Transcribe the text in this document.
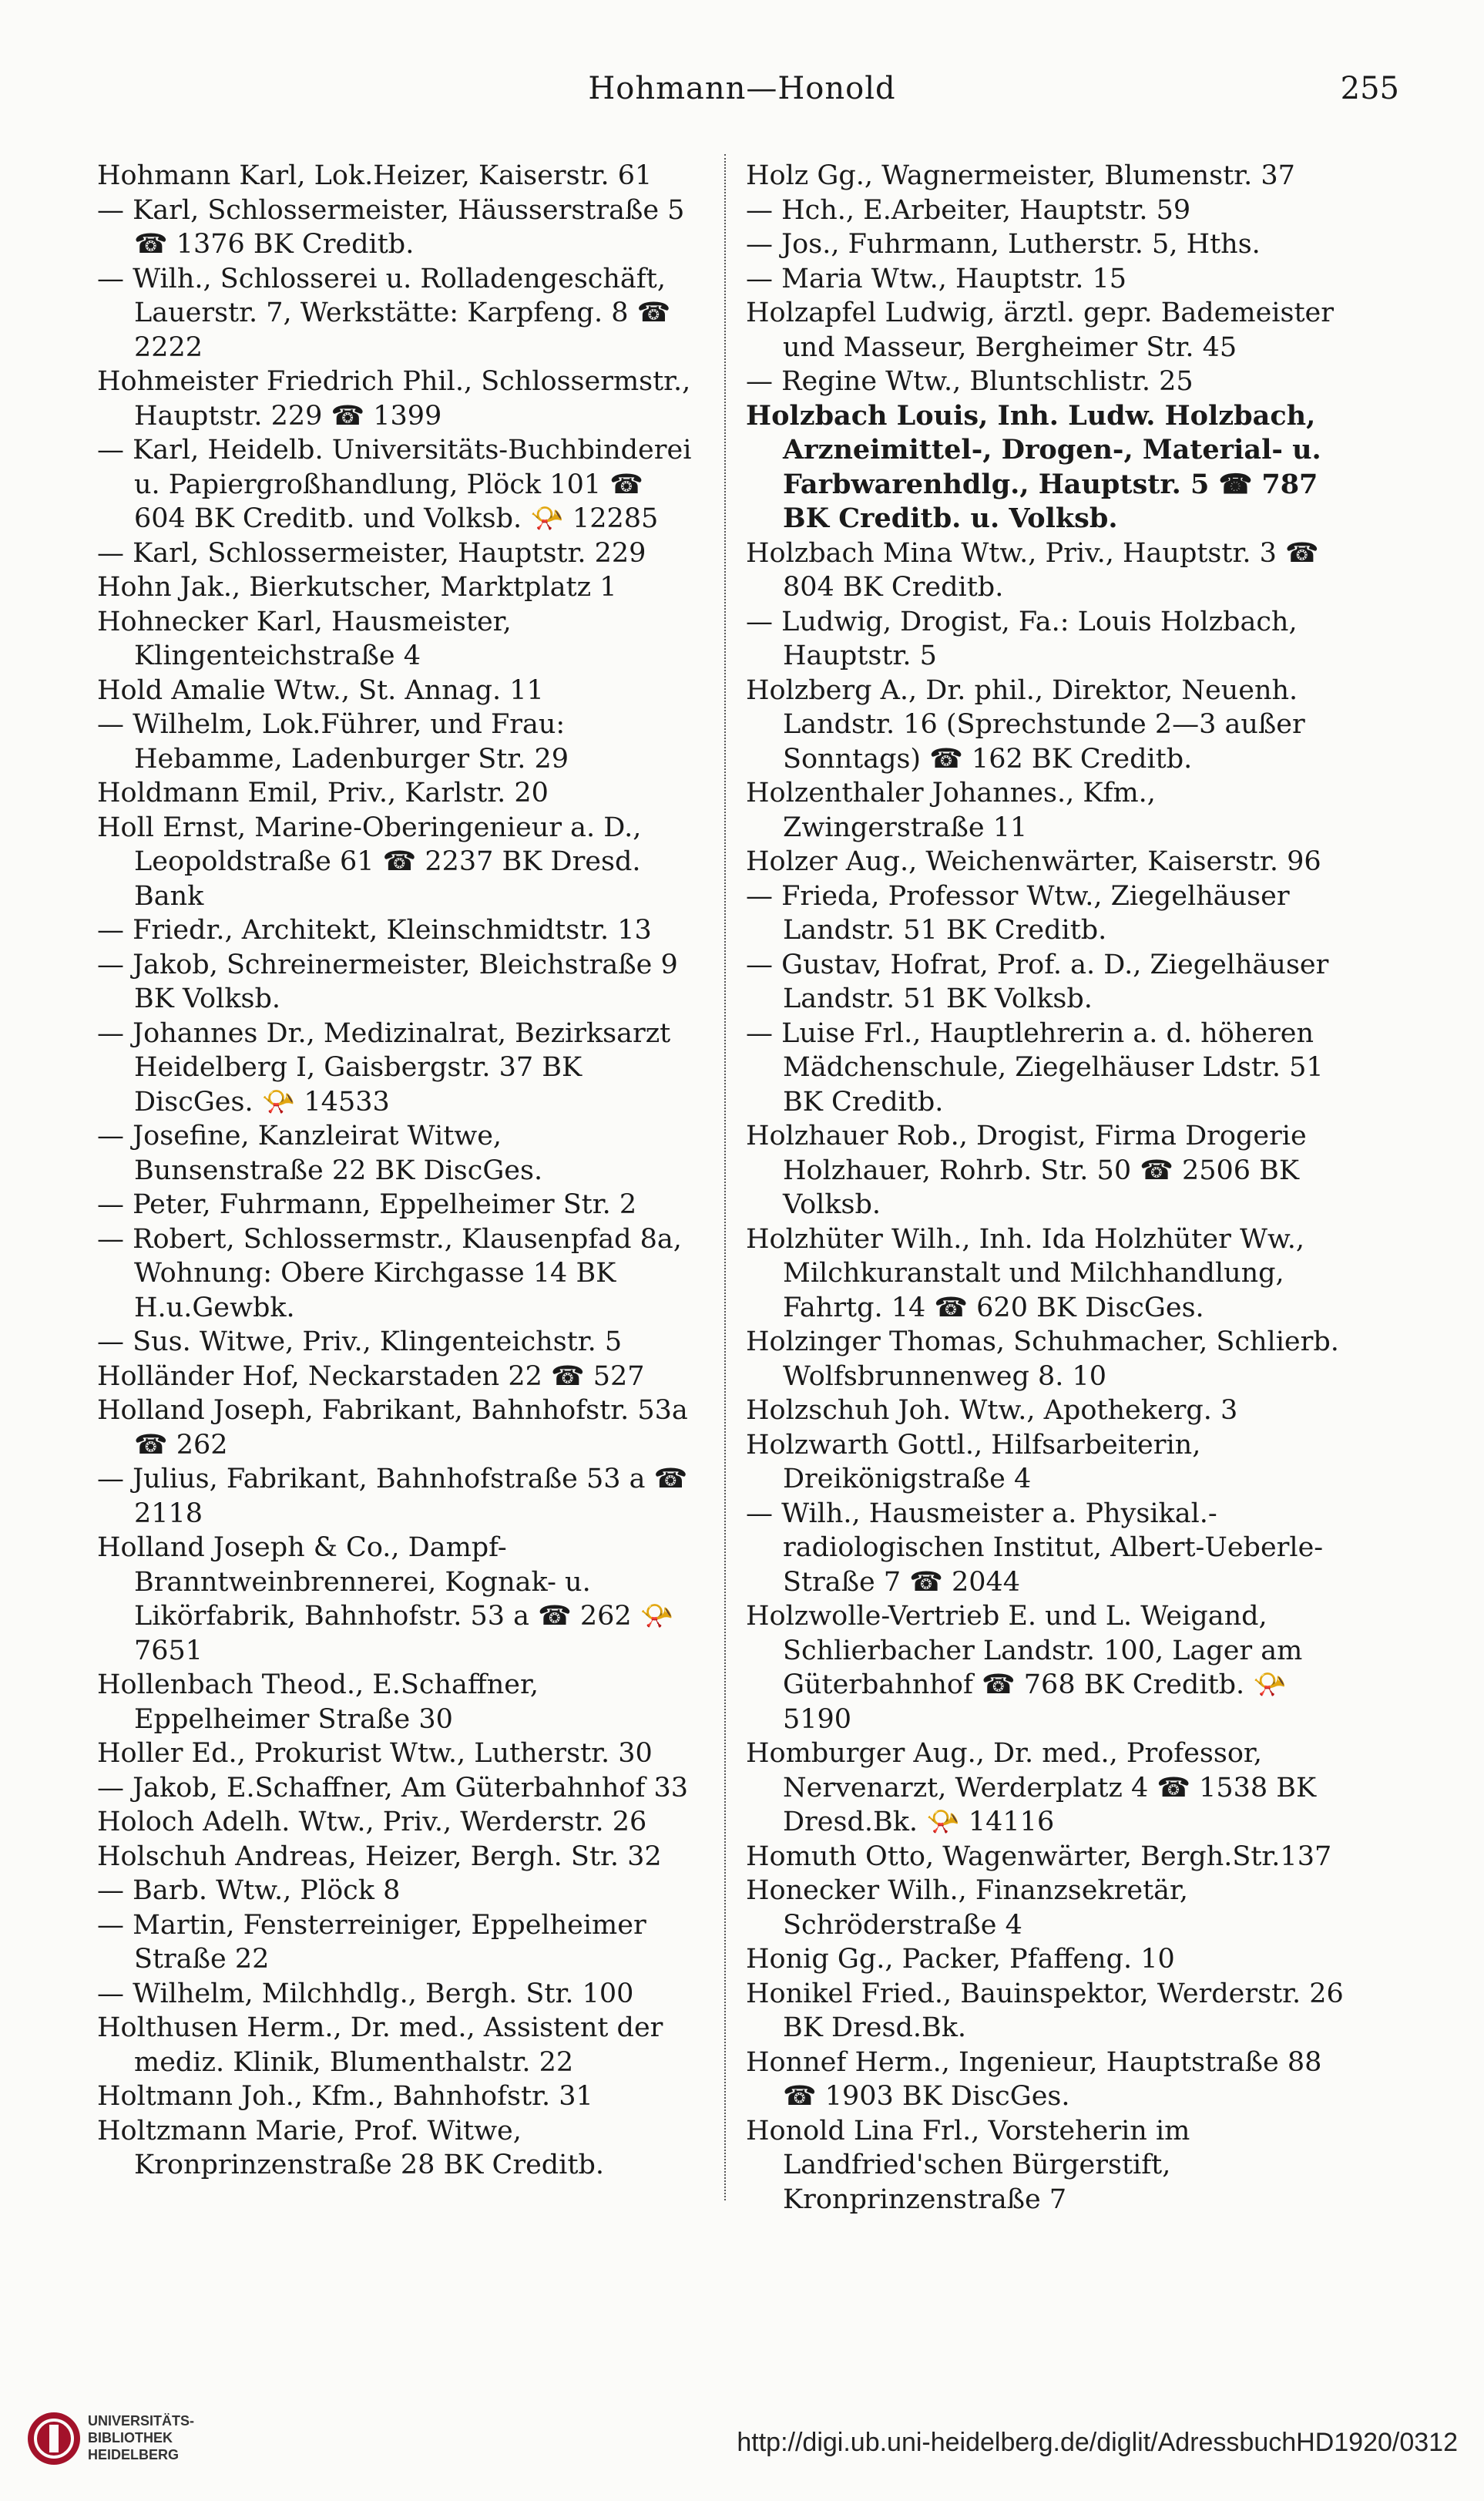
Hohmann—Honold	255

Hohmann Karl, Lok.Heizer, Kaiserstr. 61

— Karl, Schlossermeister, Häusserstraße 5 ☎ 1376 BK Creditb.

— Wilh., Schlosserei u. Rolladengeschäft, Lauerstr. 7, Werkstätte: Karpfeng. 8 ☎ 2222

Hohmeister Friedrich Phil., Schlossermstr., Hauptstr. 229 ☎ 1399

— Karl, Heidelb. Universitäts-Buchbinderei u. Papiergroßhandlung, Plöck 101 ☎ 604 BK Creditb. und Volksb. 📯 12285

— Karl, Schlossermeister, Hauptstr. 229

Hohn Jak., Bierkutscher, Marktplatz 1

Hohnecker Karl, Hausmeister, Klingenteichstraße 4

Hold Amalie Wtw., St. Annag. 11

— Wilhelm, Lok.Führer, und Frau: Hebamme, Ladenburger Str. 29

Holdmann Emil, Priv., Karlstr. 20

Holl Ernst, Marine-Oberingenieur a. D., Leopoldstraße 61 ☎ 2237 BK Dresd. Bank

— Friedr., Architekt, Kleinschmidtstr. 13

— Jakob, Schreinermeister, Bleichstraße 9 BK Volksb.

— Johannes Dr., Medizinalrat, Bezirksarzt Heidelberg I, Gaisbergstr. 37 BK DiscGes. 📯 14533

— Josefine, Kanzleirat Witwe, Bunsenstraße 22 BK DiscGes.

— Peter, Fuhrmann, Eppelheimer Str. 2

— Robert, Schlossermstr., Klausenpfad 8a, Wohnung: Obere Kirchgasse 14 BK H.u.Gewbk.

— Sus. Witwe, Priv., Klingenteichstr. 5

Holländer Hof, Neckarstaden 22 ☎ 527

Holland Joseph, Fabrikant, Bahnhofstr. 53a ☎ 262

— Julius, Fabrikant, Bahnhofstraße 53 a ☎ 2118

Holland Joseph & Co., Dampf-Branntweinbrennerei, Kognak- u. Likörfabrik, Bahnhofstr. 53 a ☎ 262 📯 7651

Hollenbach Theod., E.Schaffner, Eppelheimer Straße 30

Holler Ed., Prokurist Wtw., Lutherstr. 30

— Jakob, E.Schaffner, Am Güterbahnhof 33

Holoch Adelh. Wtw., Priv., Werderstr. 26

Holschuh Andreas, Heizer, Bergh. Str. 32

— Barb. Wtw., Plöck 8

— Martin, Fensterreiniger, Eppelheimer Straße 22

— Wilhelm, Milchhdlg., Bergh. Str. 100

Holthusen Herm., Dr. med., Assistent der mediz. Klinik, Blumenthalstr. 22

Holtmann Joh., Kfm., Bahnhofstr. 31

Holtzmann Marie, Prof. Witwe, Kronprinzenstraße 28 BK Creditb.

Holz Gg., Wagnermeister, Blumenstr. 37

— Hch., E.Arbeiter, Hauptstr. 59

— Jos., Fuhrmann, Lutherstr. 5, Hths.

— Maria Wtw., Hauptstr. 15

Holzapfel Ludwig, ärztl. gepr. Bademeister und Masseur, Bergheimer Str. 45

— Regine Wtw., Bluntschlistr. 25

Holzbach Louis, Inh. Ludw. Holzbach, Arzneimittel-, Drogen-, Material- u. Farbwarenhdlg., Hauptstr. 5 ☎ 787 BK Creditb. u. Volksb.

Holzbach Mina Wtw., Priv., Hauptstr. 3 ☎ 804 BK Creditb.

— Ludwig, Drogist, Fa.: Louis Holzbach, Hauptstr. 5

Holzberg A., Dr. phil., Direktor, Neuenh. Landstr. 16 (Sprechstunde 2—3 außer Sonntags) ☎ 162 BK Creditb.

Holzenthaler Johannes., Kfm., Zwingerstraße 11

Holzer Aug., Weichenwärter, Kaiserstr. 96

— Frieda, Professor Wtw., Ziegelhäuser Landstr. 51 BK Creditb.

— Gustav, Hofrat, Prof. a. D., Ziegelhäuser Landstr. 51 BK Volksb.

— Luise Frl., Hauptlehrerin a. d. höheren Mädchenschule, Ziegelhäuser Ldstr. 51 BK Creditb.

Holzhauer Rob., Drogist, Firma Drogerie Holzhauer, Rohrb. Str. 50 ☎ 2506 BK Volksb.

Holzhüter Wilh., Inh. Ida Holzhüter Ww., Milchkuranstalt und Milchhandlung, Fahrtg. 14 ☎ 620 BK DiscGes.

Holzinger Thomas, Schuhmacher, Schlierb. Wolfsbrunnenweg 8. 10

Holzschuh Joh. Wtw., Apothekerg. 3

Holzwarth Gottl., Hilfsarbeiterin, Dreikönigstraße 4

— Wilh., Hausmeister a. Physikal.-radiologischen Institut, Albert-Ueberle-Straße 7 ☎ 2044

Holzwolle-Vertrieb E. und L. Weigand, Schlierbacher Landstr. 100, Lager am Güterbahnhof ☎ 768 BK Creditb. 📯 5190

Homburger Aug., Dr. med., Professor, Nervenarzt, Werderplatz 4 ☎ 1538 BK Dresd.Bk. 📯 14116

Homuth Otto, Wagenwärter, Bergh.Str.137

Honecker Wilh., Finanzsekretär, Schröderstraße 4

Honig Gg., Packer, Pfaffeng. 10

Honikel Fried., Bauinspektor, Werderstr. 26 BK Dresd.Bk.

Honnef Herm., Ingenieur, Hauptstraße 88 ☎ 1903 BK DiscGes.

Honold Lina Frl., Vorsteherin im Landfried'schen Bürgerstift, Kronprinzenstraße 7

UNIVERSITÄTS-
BIBLIOTHEK
HEIDELBERG	http://digi.ub.uni-heidelberg.de/diglit/AdressbuchHD1920/0312
